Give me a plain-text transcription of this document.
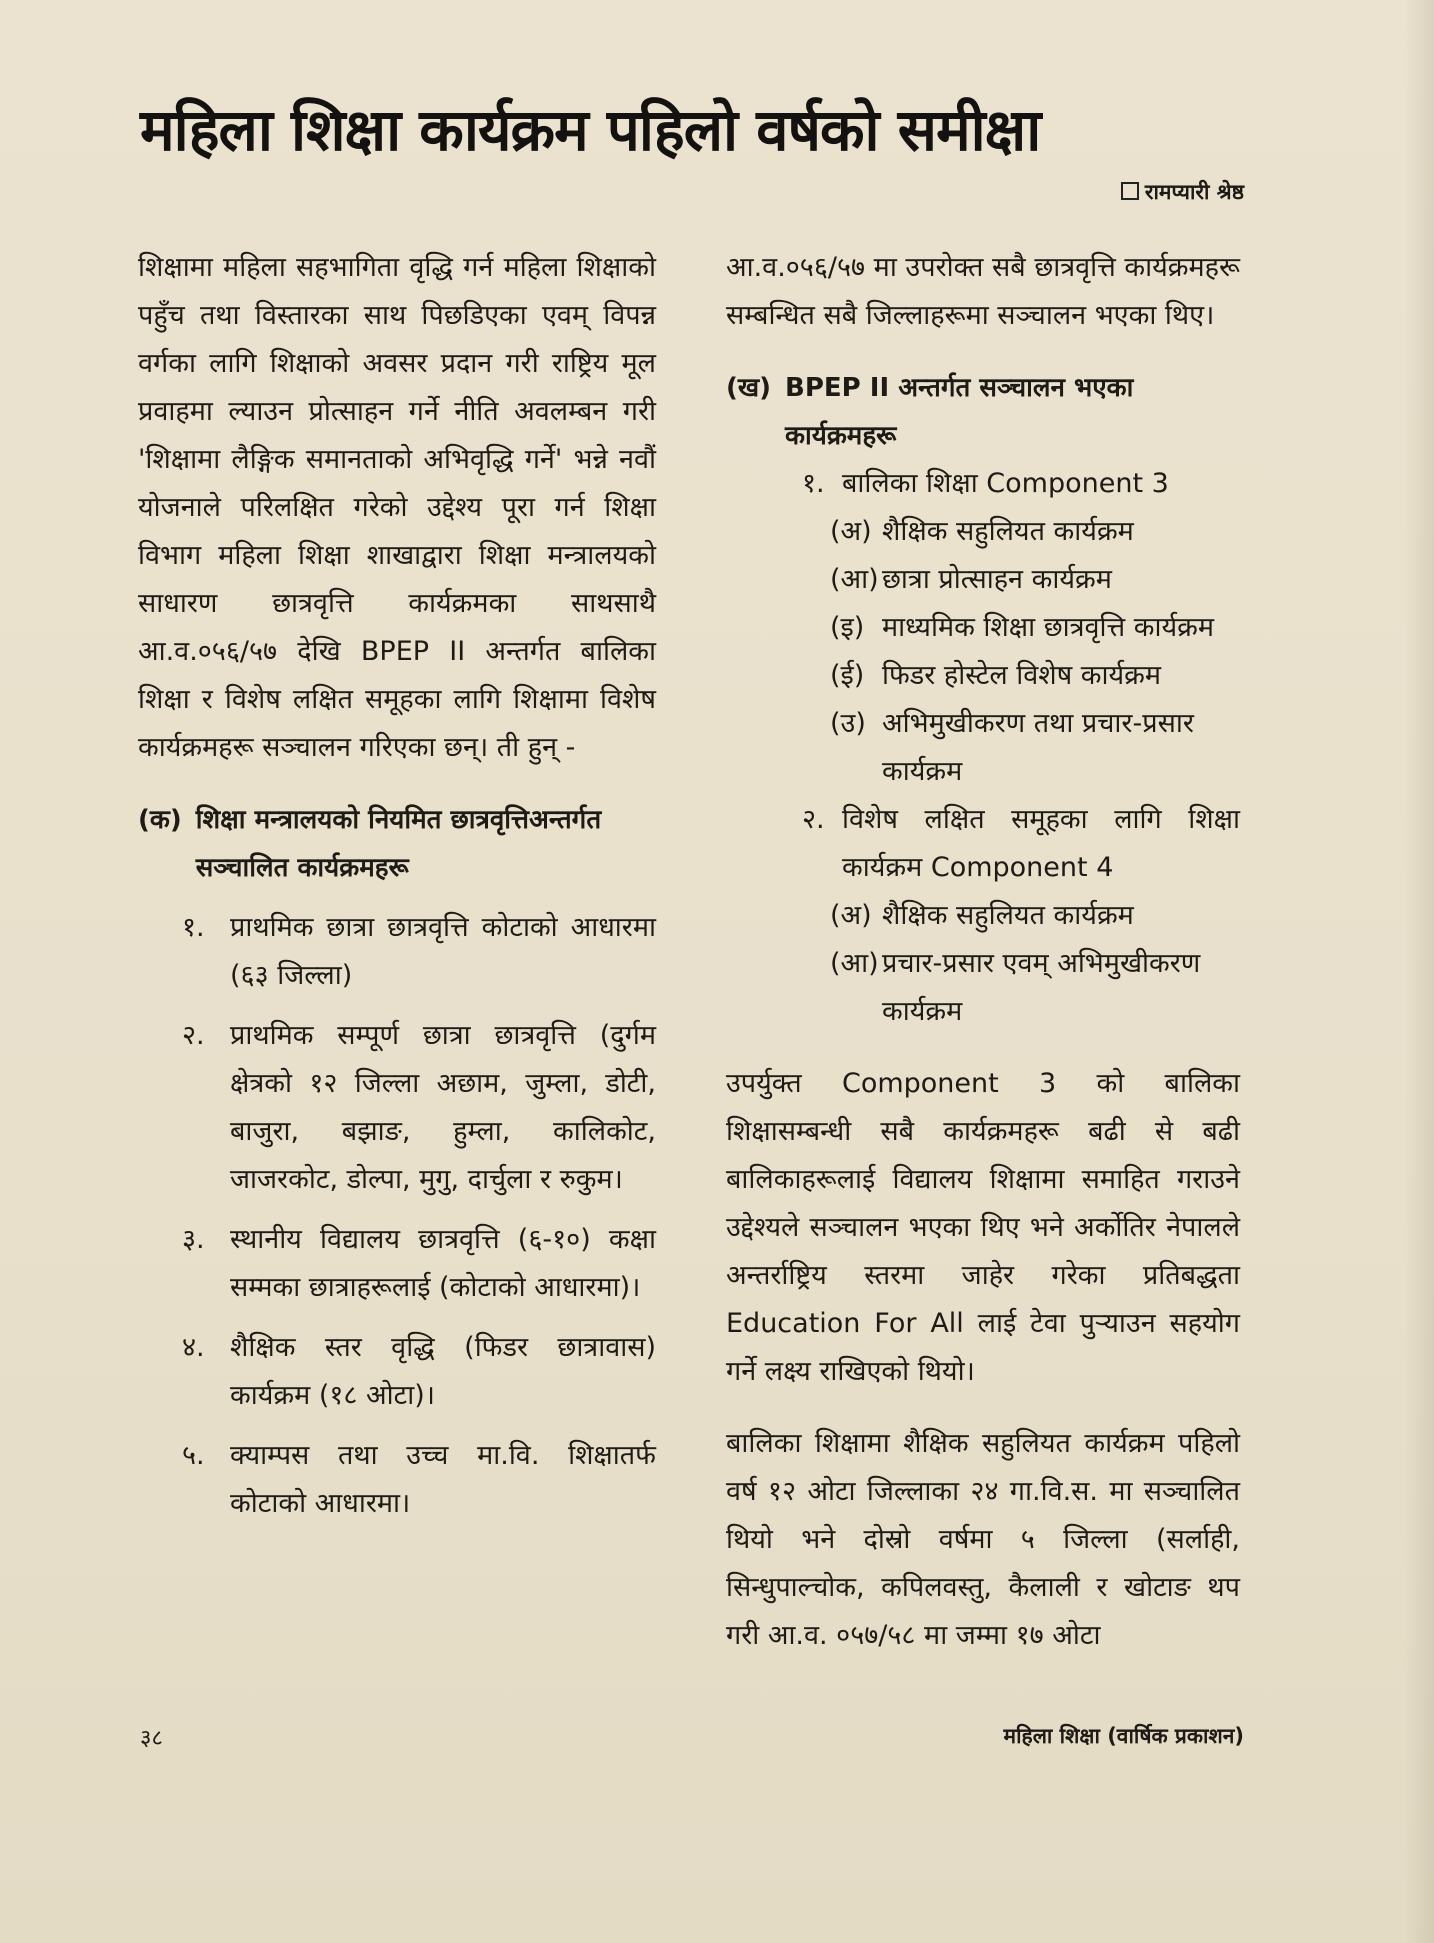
महिला शिक्षा कार्यक्रम पहिलो वर्षको समीक्षा
रामप्यारी श्रेष्ठ

शिक्षामा महिला सहभागिता वृद्धि गर्न महिला शिक्षाको पहुँच तथा विस्तारका साथ पिछडिएका एवम् विपन्न वर्गका लागि शिक्षाको अवसर प्रदान गरी राष्ट्रिय मूल प्रवाहमा ल्याउन प्रोत्साहन गर्ने नीति अवलम्बन गरी 'शिक्षामा लैङ्गिक समानताको अभिवृद्धि गर्ने' भन्ने नवौं योजनाले परिलक्षित गरेको उद्देश्य पूरा गर्न शिक्षा विभाग महिला शिक्षा शाखाद्वारा शिक्षा मन्त्रालयको साधारण छात्रवृत्ति कार्यक्रमका साथसाथै आ.व.०५६/५७ देखि BPEP II अन्तर्गत बालिका शिक्षा र विशेष लक्षित समूहका लागि शिक्षामा विशेष कार्यक्रमहरू सञ्चालन गरिएका छन्। ती हुन् -

(क) शिक्षा मन्त्रालयको नियमित छात्रवृत्तिअन्तर्गत सञ्चालित कार्यक्रमहरू
१. प्राथमिक छात्रा छात्रवृत्ति कोटाको आधारमा (६३ जिल्ला)
२. प्राथमिक सम्पूर्ण छात्रा छात्रवृत्ति (दुर्गम क्षेत्रको १२ जिल्ला अछाम, जुम्ला, डोटी, बाजुरा, बझाङ, हुम्ला, कालिकोट, जाजरकोट, डोल्पा, मुगु, दार्चुला र रुकुम।
३. स्थानीय विद्यालय छात्रवृत्ति (६-१०) कक्षा सम्मका छात्राहरूलाई (कोटाको आधारमा)।
४. शैक्षिक स्तर वृद्धि (फिडर छात्रावास) कार्यक्रम (१८ ओटा)।
५. क्याम्पस तथा उच्च मा.वि. शिक्षातर्फ कोटाको आधारमा।

आ.व.०५६/५७ मा उपरोक्त सबै छात्रवृत्ति कार्यक्रमहरू सम्बन्धित सबै जिल्लाहरूमा सञ्चालन भएका थिए।

(ख) BPEP II अन्तर्गत सञ्चालन भएका कार्यक्रमहरू
१. बालिका शिक्षा Component 3
(अ) शैक्षिक सहुलियत कार्यक्रम
(आ) छात्रा प्रोत्साहन कार्यक्रम
(इ) माध्यमिक शिक्षा छात्रवृत्ति कार्यक्रम
(ई) फिडर होस्टेल विशेष कार्यक्रम
(उ) अभिमुखीकरण तथा प्रचार-प्रसार कार्यक्रम
२. विशेष लक्षित समूहका लागि शिक्षा कार्यक्रम Component 4
(अ) शैक्षिक सहुलियत कार्यक्रम
(आ) प्रचार-प्रसार एवम् अभिमुखीकरण कार्यक्रम

उपर्युक्त Component 3 को बालिका शिक्षासम्बन्धी सबै कार्यक्रमहरू बढी से बढी बालिकाहरूलाई विद्यालय शिक्षामा समाहित गराउने उद्देश्यले सञ्चालन भएका थिए भने अर्कोतिर नेपालले अन्तर्राष्ट्रिय स्तरमा जाहेर गरेका प्रतिबद्धता Education For All लाई टेवा पुऱ्याउन सहयोग गर्ने लक्ष्य राखिएको थियो।

बालिका शिक्षामा शैक्षिक सहुलियत कार्यक्रम पहिलो वर्ष १२ ओटा जिल्लाका २४ गा.वि.स. मा सञ्चालित थियो भने दोस्रो वर्षमा ५ जिल्ला (सर्लाही, सिन्धुपाल्चोक, कपिलवस्तु, कैलाली र खोटाङ थप गरी आ.व. ०५७/५८ मा जम्मा १७ ओटा

३८	महिला शिक्षा (वार्षिक प्रकाशन)
